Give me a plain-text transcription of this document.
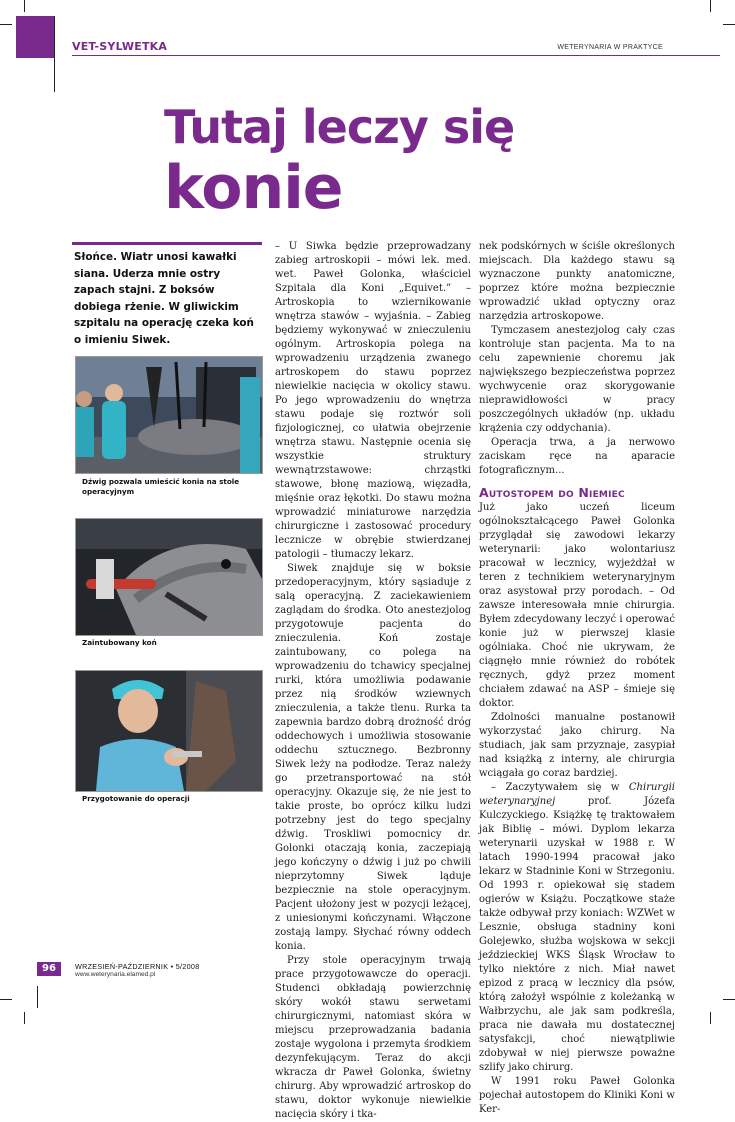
VET-SYLWETKA	WETERYNARIA W PRAKTYCE
Tutaj leczy się
konie
Słońce. Wiatr unosi kawałki siana. Uderza mnie ostry zapach stajni. Z boksów dobiega rżenie. W gliwickim szpitalu na operację czeka koń o imieniu Siwek.
Dźwig pozwala umieścić konia na stole operacyjnym
Zaintubowany koń
Przygotowanie do operacji

– U Siwka będzie przeprowadzany zabieg artroskopii – mówi lek. med. wet. Paweł Golonka, właściciel Szpitala dla Koni „Equivet.” – Artroskopia to wziernikowanie wnętrza stawów – wyjaśnia. – Zabieg będziemy wykonywać w znieczuleniu ogólnym. Artroskopia polega na wprowadzeniu urządzenia zwanego artroskopem do stawu poprzez niewielkie nacięcia w okolicy stawu. Po jego wprowadzeniu do wnętrza stawu podaje się roztwór soli fizjologicznej, co ułatwia obejrzenie wnętrza stawu. Następnie ocenia się wszystkie struktury wewnątrzstawowe: chrząstki stawowe, błonę maziową, więzadła, mięśnie oraz łękotki. Do stawu można wprowadzić miniaturowe narzędzia chirurgiczne i zastosować procedury lecznicze w obrębie stwierdzanej patologii – tłumaczy lekarz.

Siwek znajduje się w boksie przedoperacyjnym, który sąsiaduje z salą operacyjną. Z zaciekawieniem zaglądam do środka. Oto anestezjolog przygotowuje pacjenta do znieczulenia. Koń zostaje zaintubowany, co polega na wprowadzeniu do tchawicy specjalnej rurki, która umożliwia podawanie przez nią środków wziewnych znieczulenia, a także tlenu. Rurka ta zapewnia bardzo dobrą drożność dróg oddechowych i umożliwia stosowanie oddechu sztucznego. Bezbronny Siwek leży na podłodze. Teraz należy go przetransportować na stół operacyjny. Okazuje się, że nie jest to takie proste, bo oprócz kilku ludzi potrzebny jest do tego specjalny dźwig. Troskliwi pomocnicy dr. Golonki otaczają konia, zaczepiają jego kończyny o dźwig i już po chwili nieprzytomny Siwek ląduje bezpiecznie na stole operacyjnym. Pacjent ułożony jest w pozycji leżącej, z uniesionymi kończynami. Włączone zostają lampy. Słychać równy oddech konia.

Przy stole operacyjnym trwają prace przygotowawcze do operacji. Studenci obkładają powierzchnię skóry wokół stawu serwetami chirurgicznymi, natomiast skóra w miejscu przeprowadzania badania zostaje wygolona i przemyta środkiem dezynfekującym. Teraz do akcji wkracza dr Paweł Golonka, świetny chirurg. Aby wprowadzić artroskop do stawu, doktor wykonuje niewielkie nacięcia skóry i tka-

nek podskórnych w ściśle określonych miejscach. Dla każdego stawu są wyznaczone punkty anatomiczne, poprzez które można bezpiecznie wprowadzić układ optyczny oraz narzędzia artroskopowe.

Tymczasem anestezjolog cały czas kontroluje stan pacjenta. Ma to na celu zapewnienie choremu jak największego bezpieczeństwa poprzez wychwycenie oraz skorygowanie nieprawidłowości w pracy poszczególnych układów (np. układu krążenia czy oddychania).

Operacja trwa, a ja nerwowo zaciskam ręce na aparacie fotograficznym...

Autostopem do Niemiec

Już jako uczeń liceum ogólnokształcącego Paweł Golonka przyglądał się zawodowi lekarzy weterynarii: jako wolontariusz pracował w lecznicy, wyjeżdżał w teren z technikiem weterynaryjnym oraz asystował przy porodach. – Od zawsze interesowała mnie chirurgia. Byłem zdecydowany leczyć i operować konie już w pierwszej klasie ogólniaka. Choć nie ukrywam, że ciągnęło mnie również do robótek ręcznych, gdyż przez moment chciałem zdawać na ASP – śmieje się doktor.

Zdolności manualne postanowił wykorzystać jako chirurg. Na studiach, jak sam przyznaje, zasypiał nad książką z interny, ale chirurgia wciągała go coraz bardziej.

– Zaczytywałem się w Chirurgii weterynaryjnej prof. Józefa Kulczyckiego. Książkę tę traktowałem jak Biblię – mówi. Dyplom lekarza weterynarii uzyskał w 1988 r. W latach 1990-1994 pracował jako lekarz w Stadninie Koni w Strzegoniu. Od 1993 r. opiekował się stadem ogierów w Książu. Początkowe staże także odbywał przy koniach: WZWet w Lesznie, obsługa stadniny koni Golejewko, służba wojskowa w sekcji jeździeckiej WKS Śląsk Wrocław to tylko niektóre z nich. Miał nawet epizod z pracą w lecznicy dla psów, którą założył wspólnie z koleżanką w Wałbrzychu, ale jak sam podkreśla, praca nie dawała mu dostatecznej satysfakcji, choć niewątpliwie zdobywał w niej pierwsze poważne szlify jako chirurg.

W 1991 roku Paweł Golonka pojechał autostopem do Kliniki Koni w Ker-

96	WRZESIEŃ-PAŹDZIERNIK • 5/2008
www.weterynaria.elamed.pl
